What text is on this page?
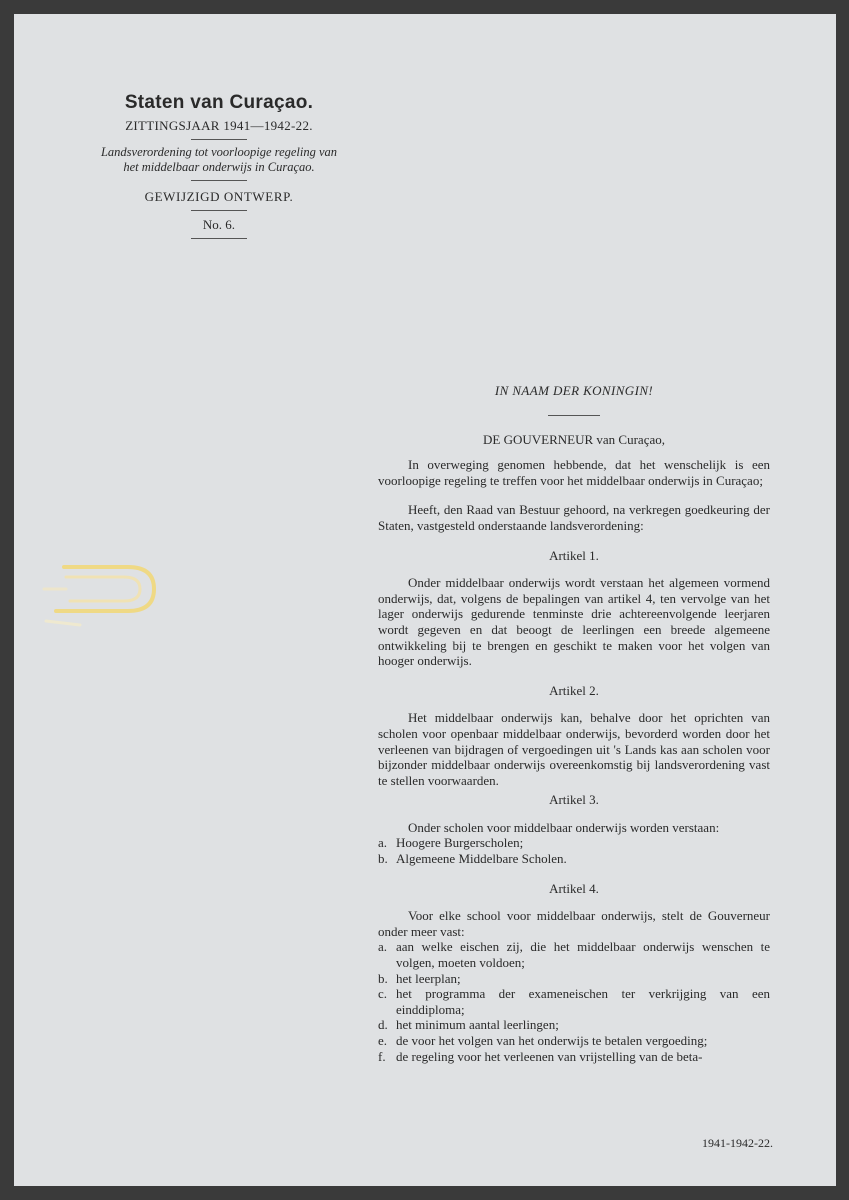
Staten van Curaçao.
ZITTINGSJAAR 1941—1942-22.
Landsverordening tot voorloopige regeling van
het middelbaar onderwijs in Curaçao.
GEWIJZIGD ONTWERP.
No. 6.
IN NAAM DER KONINGIN!
DE GOUVERNEUR van Curaçao,

In overweging genomen hebbende, dat het wenschelijk is een voorloopige regeling te treffen voor het middelbaar onderwijs in Curaçao;

Heeft, den Raad van Bestuur gehoord, na verkregen goedkeuring der Staten, vastgesteld onderstaande landsverordening:

Artikel 1.

Onder middelbaar onderwijs wordt verstaan het algemeen vormend onderwijs, dat, volgens de bepalingen van artikel 4, ten vervolge van het lager onderwijs gedurende tenminste drie achtereenvolgende leerjaren wordt gegeven en dat beoogt de leerlingen een breede algemeene ontwikkeling bij te brengen en geschikt te maken voor het volgen van hooger onderwijs.

Artikel 2.

Het middelbaar onderwijs kan, behalve door het oprichten van scholen voor openbaar middelbaar onderwijs, bevorderd worden door het verleenen van bijdragen of vergoedingen uit 's Lands kas aan scholen voor bijzonder middelbaar onderwijs overeenkomstig bij landsverordening vast te stellen voorwaarden.

Artikel 3.

Onder scholen voor middelbaar onderwijs worden verstaan:

a. Hoogere Burgerscholen;
b. Algemeene Middelbare Scholen.
Artikel 4.

Voor elke school voor middelbaar onderwijs, stelt de Gouverneur onder meer vast:

a. aan welke eischen zij, die het middelbaar onderwijs wenschen te volgen, moeten voldoen;
b. het leerplan;
c. het programma der exameneischen ter verkrijging van een einddiploma;
d. het minimum aantal leerlingen;
e. de voor het volgen van het onderwijs te betalen vergoeding;
f. de regeling voor het verleenen van vrijstelling van de beta-
1941-1942-22.
